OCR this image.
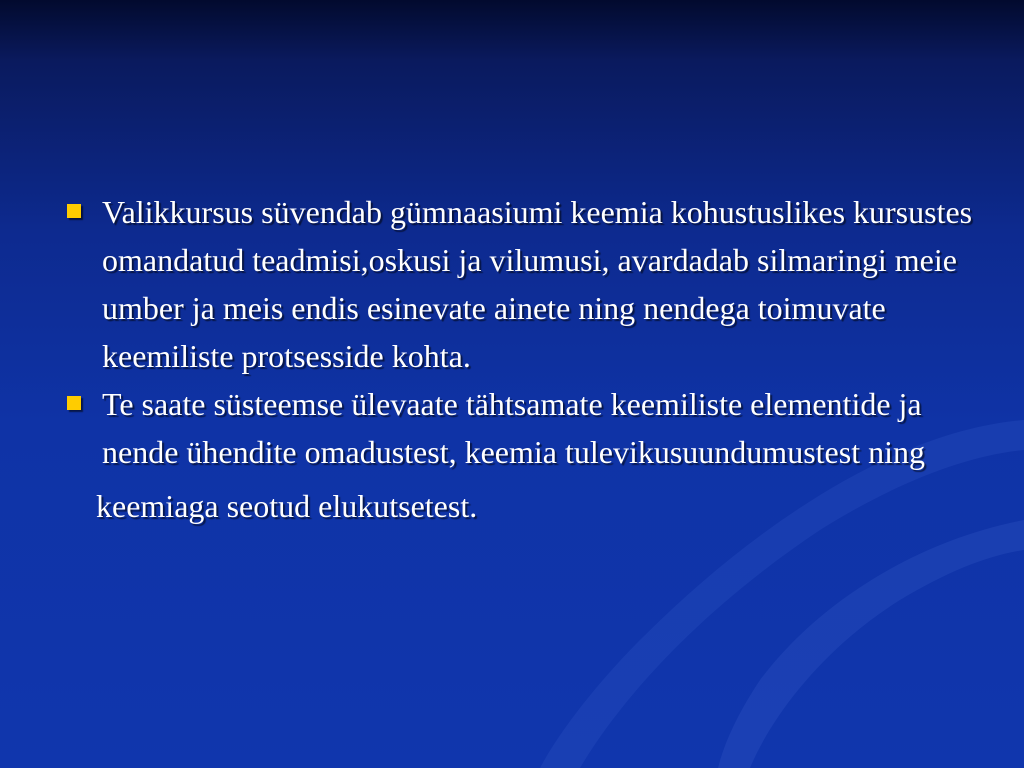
Valikkursus süvendab gümnaasiumi keemia kohustuslikes kursustes omandatud teadmisi,oskusi ja vilumusi, avardadab silmaringi meie umber ja meis endis esinevate ainete ning nendega toimuvate keemiliste protsesside kohta.
Te saate süsteemse ülevaate tähtsamate keemiliste elementide ja nende ühendite omadustest, keemia tulevikusuundumustest ning
keemiaga seotud elukutsetest.
